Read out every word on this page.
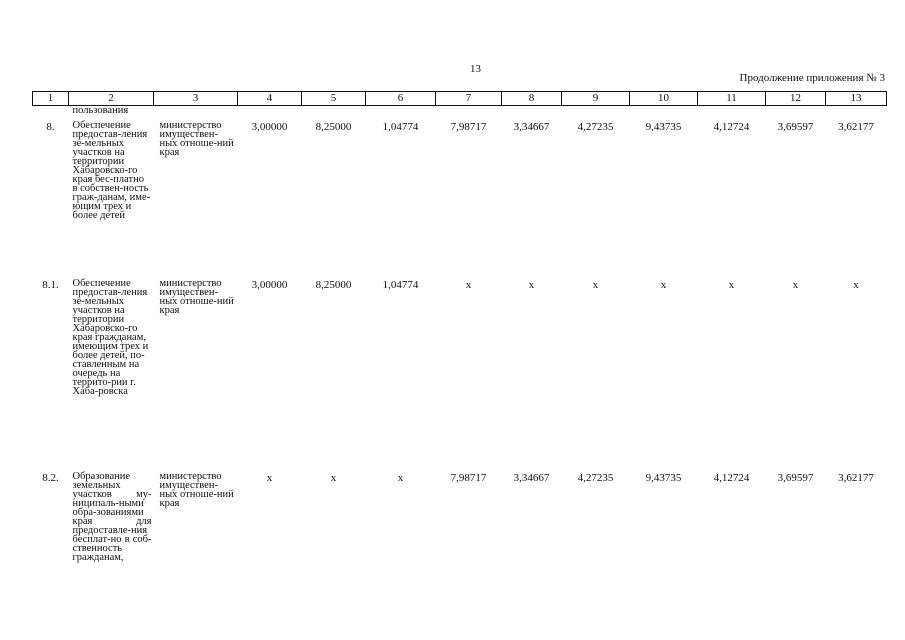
13
Продолжение приложения № 3
1	2	3	4	5	6	7	8	9	10	11	12	13
	пользования											
8.	Обеспечение предостав-ления зе-мельных участков на территории Хабаровско-го края бес-платно в собствен-ность граж-данам, име-ющим трех и более детей	министерство имуществен-ных отноше-ний края	3,00000	8,25000	1,04774	7,98717	3,34667	4,27235	9,43735	4,12724	3,69597	3,62177
8.1.	Обеспечение предостав-ления зе-мельных участков на территории Хабаровско-го края гражданам, имеющим трех и более детей, по-ставленным на очередь на террито-рии г. Хаба-ровска	министерство имуществен-ных отноше-ний края	3,00000	8,25000	1,04774	х	х	х	х	х	х	х
8.2.	Образование земельных участков му-ниципаль-ными обра-зованиями края для предоставле-ния бесплат-но в соб-ственность гражданам,	министерство имуществен-ных отноше-ний края	х	х	х	7,98717	3,34667	4,27235	9,43735	4,12724	3,69597	3,62177
